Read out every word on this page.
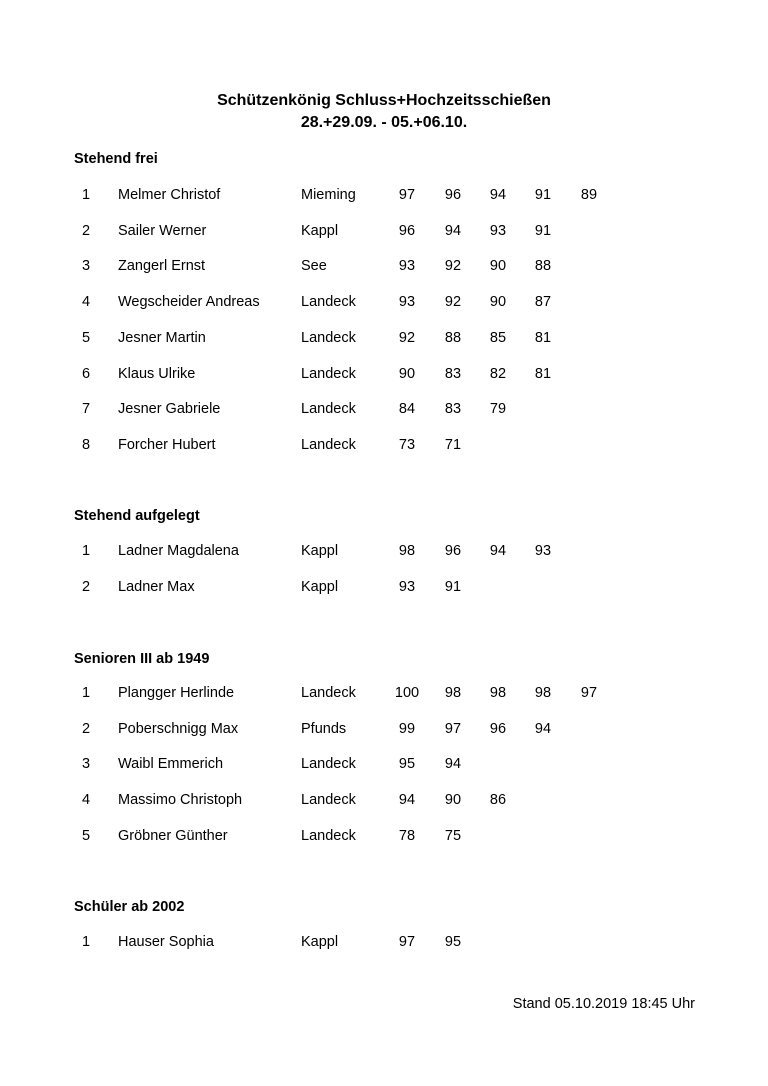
Schützenkönig Schluss+Hochzeitsschießen
28.+29.09. - 05.+06.10.
Stehend frei
1 Melmer Christof	Mieming	97	96	94	91	89
2 Sailer Werner	Kappl	96	94	93	91
3 Zangerl Ernst	See	93	92	90	88
4 Wegscheider Andreas	Landeck	93	92	90	87
5 Jesner Martin	Landeck	92	88	85	81
6 Klaus Ulrike	Landeck	90	83	82	81
7 Jesner Gabriele	Landeck	84	83	79
8 Forcher Hubert	Landeck	73	71
Stehend aufgelegt
1 Ladner Magdalena	Kappl	98	96	94	93
2 Ladner Max	Kappl	93	91
Senioren III ab 1949
1 Plangger Herlinde	Landeck	100	98	98	98	97
2 Poberschnigg Max	Pfunds	99	97	96	94
3 Waibl Emmerich	Landeck	95	94
4 Massimo Christoph	Landeck	94	90	86
5 Gröbner Günther	Landeck	78	75
Schüler ab 2002
1 Hauser Sophia	Kappl	97	95
Stand 05.10.2019 18:45 Uhr
